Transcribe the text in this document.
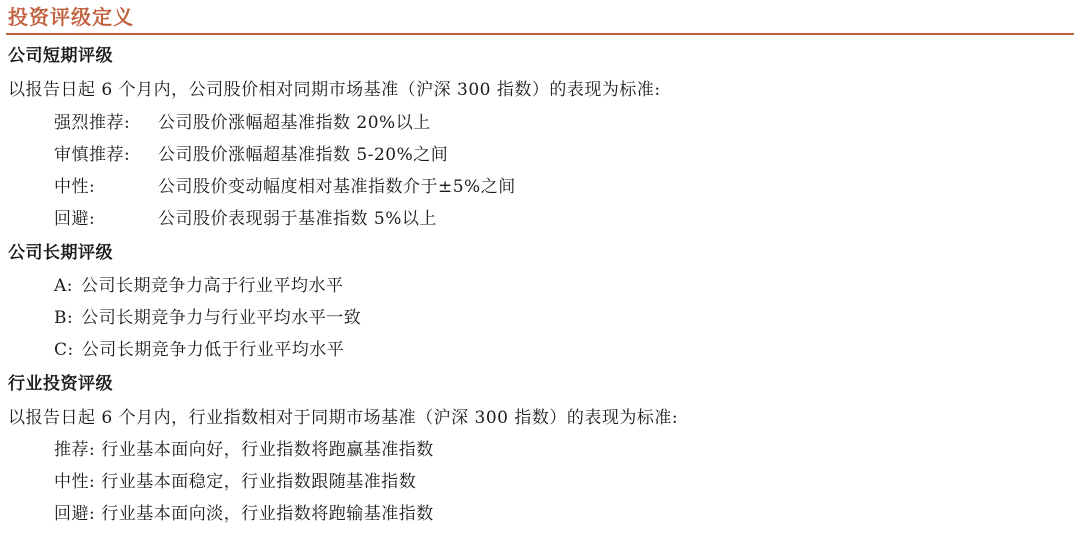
投资评级定义
公司短期评级
以报告日起 6 个月内，公司股价相对同期市场基准（沪深 300 指数）的表现为标准:
强烈推荐: 公司股价涨幅超基准指数 20%以上
审慎推荐: 公司股价涨幅超基准指数 5-20%之间
中性:	公司股价变动幅度相对基准指数介于±5%之间
回避:	公司股价表现弱于基准指数 5%以上
公司长期评级
A: 公司长期竞争力高于行业平均水平
B: 公司长期竞争力与行业平均水平一致
C: 公司长期竞争力低于行业平均水平
行业投资评级
以报告日起 6 个月内，行业指数相对于同期市场基准（沪深 300 指数）的表现为标准:
推荐: 行业基本面向好，行业指数将跑赢基准指数
中性: 行业基本面稳定，行业指数跟随基准指数
回避: 行业基本面向淡，行业指数将跑输基准指数
